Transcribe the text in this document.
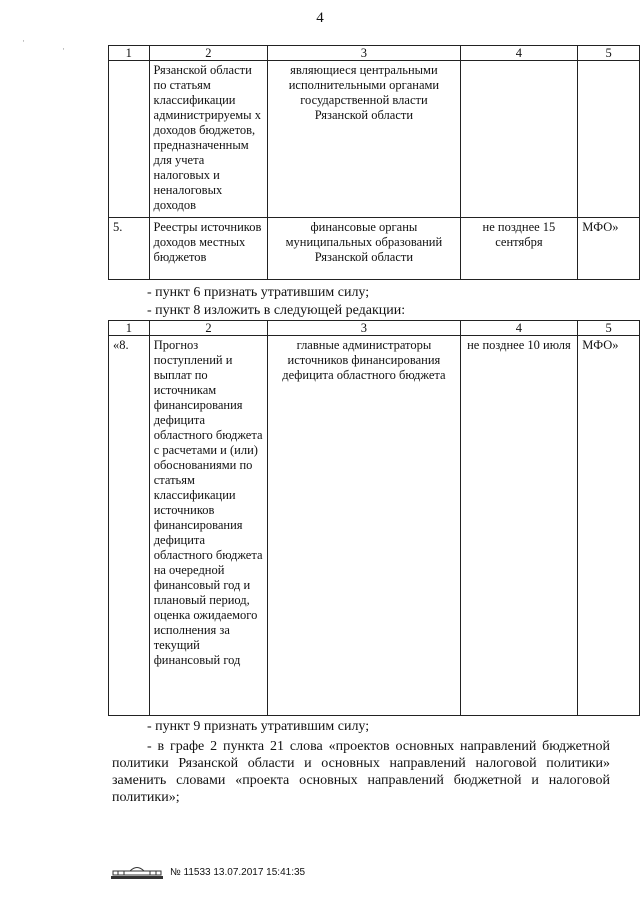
4
·
·
1	2	3	4	5
	Рязанской области по статьям классификации администрируемы х доходов бюджетов, предназначенным для учета налоговых и неналоговых доходов	являющиеся центральными исполнительными органами государственной власти Рязанской области		
5.	Реестры источников доходов местных бюджетов	финансовые органы муниципальных образований Рязанской области	не позднее 15 сентября	МФО»
- пункт 6 признать утратившим силу;
- пункт 8 изложить в следующей редакции:
1	2	3	4	5
«8.	Прогноз поступлений и выплат по источникам финансирования дефицита областного бюджета с расчетами и (или) обоснованиями по статьям классификации источников финансирования дефицита областного бюджета на очередной финансовый год и плановый период, оценка ожидаемого исполнения за текущий финансовый год	главные администраторы источников финансирования дефицита областного бюджета	не позднее 10 июля	МФО»
- пункт 9 признать утратившим силу;
- в графе 2 пункта 21 слова «проектов основных направлений бюджетной политики Рязанской области и основных направлений налоговой политики» заменить словами «проекта основных направлений бюджетной и налоговой политики»;
№ 11533 13.07.2017 15:41:35
